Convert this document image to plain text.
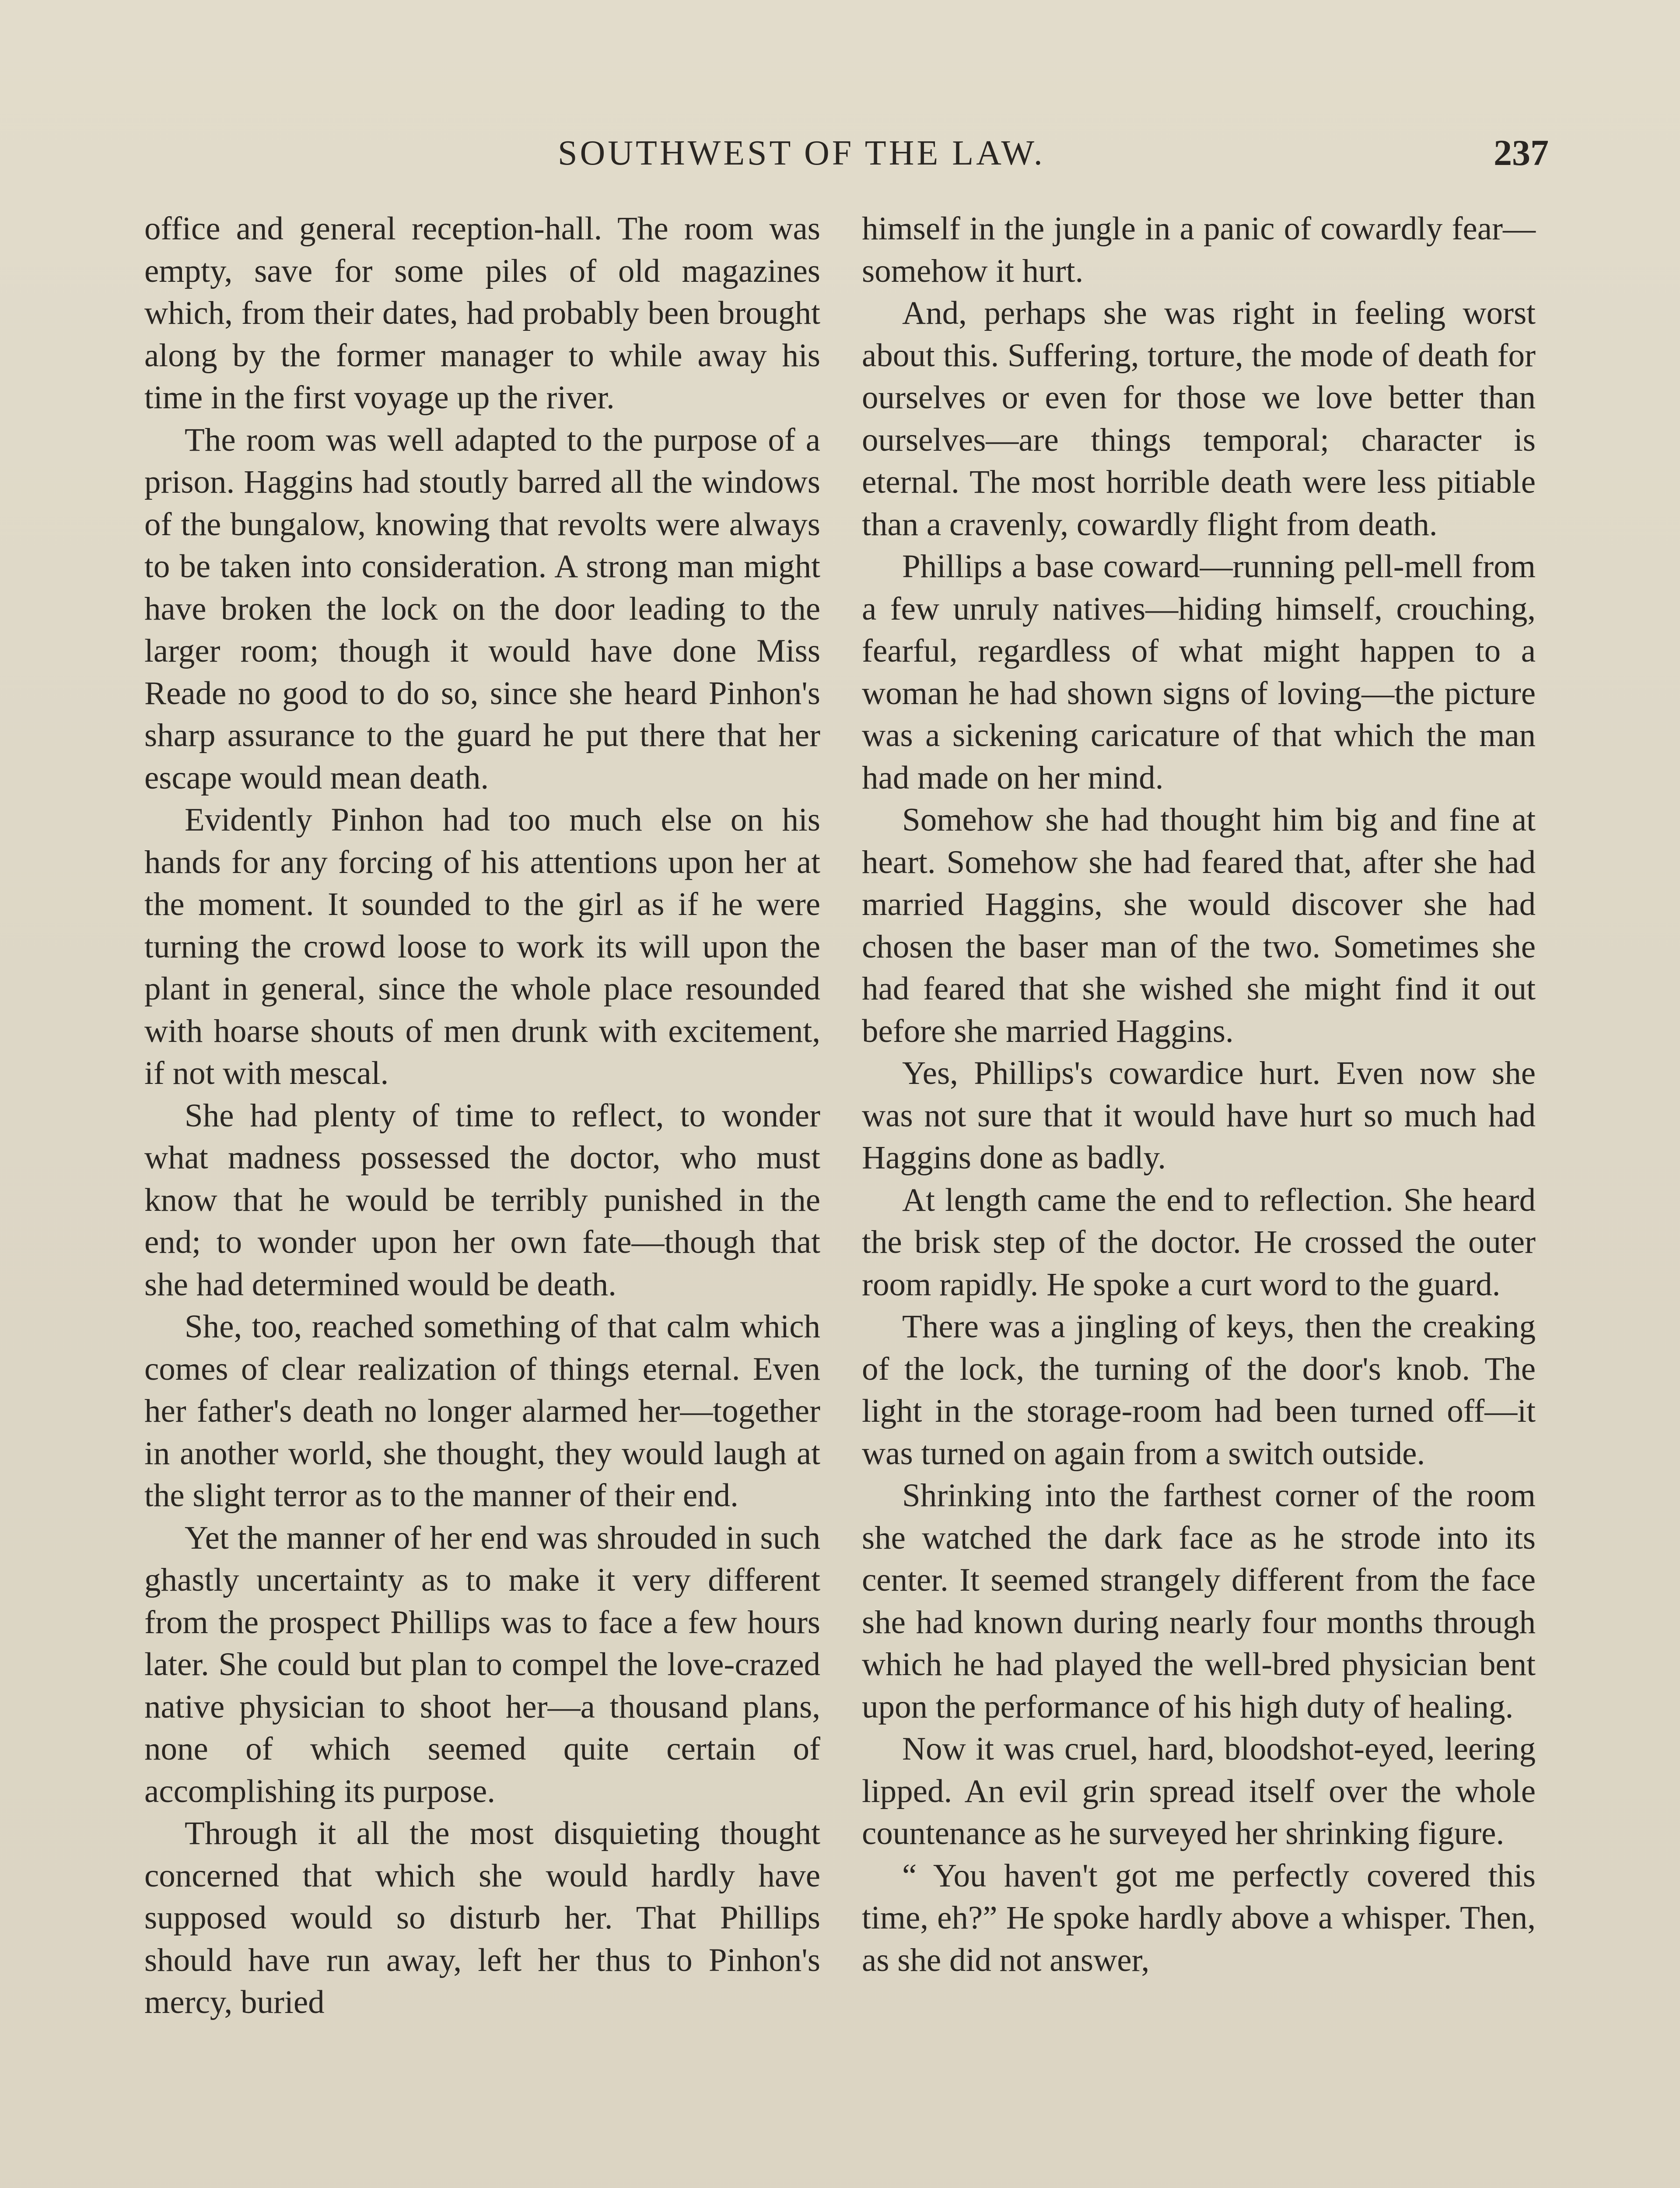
SOUTHWEST OF THE LAW.	237

office and general reception-hall. The room was empty, save for some piles of old magazines which, from their dates, had probably been brought along by the former manager to while away his time in the first voyage up the river.

The room was well adapted to the purpose of a prison. Haggins had stoutly barred all the windows of the bungalow, knowing that revolts were always to be taken into consideration. A strong man might have broken the lock on the door leading to the larger room; though it would have done Miss Reade no good to do so, since she heard Pinhon's sharp assurance to the guard he put there that her escape would mean death.

Evidently Pinhon had too much else on his hands for any forcing of his attentions upon her at the moment. It sounded to the girl as if he were turning the crowd loose to work its will upon the plant in general, since the whole place resounded with hoarse shouts of men drunk with excitement, if not with mescal.

She had plenty of time to reflect, to wonder what madness possessed the doctor, who must know that he would be terribly punished in the end; to wonder upon her own fate—though that she had determined would be death.

She, too, reached something of that calm which comes of clear realization of things eternal. Even her father's death no longer alarmed her—together in another world, she thought, they would laugh at the slight terror as to the manner of their end.

Yet the manner of her end was shrouded in such ghastly uncertainty as to make it very different from the prospect Phillips was to face a few hours later. She could but plan to compel the love-crazed native physician to shoot her—a thousand plans, none of which seemed quite certain of accomplishing its purpose.

Through it all the most disquieting thought concerned that which she would hardly have supposed would so disturb her. That Phillips should have run away, left her thus to Pinhon's mercy, buried

himself in the jungle in a panic of cowardly fear—somehow it hurt.

And, perhaps she was right in feeling worst about this. Suffering, torture, the mode of death for ourselves or even for those we love better than ourselves—are things temporal; character is eternal. The most horrible death were less pitiable than a cravenly, cowardly flight from death.

Phillips a base coward—running pell-mell from a few unruly natives—hiding himself, crouching, fearful, regardless of what might happen to a woman he had shown signs of loving—the picture was a sickening caricature of that which the man had made on her mind.

Somehow she had thought him big and fine at heart. Somehow she had feared that, after she had married Haggins, she would discover she had chosen the baser man of the two. Sometimes she had feared that she wished she might find it out before she married Haggins.

Yes, Phillips's cowardice hurt. Even now she was not sure that it would have hurt so much had Haggins done as badly.

At length came the end to reflection. She heard the brisk step of the doctor. He crossed the outer room rapidly. He spoke a curt word to the guard.

There was a jingling of keys, then the creaking of the lock, the turning of the door's knob. The light in the storage-room had been turned off—it was turned on again from a switch outside.

Shrinking into the farthest corner of the room she watched the dark face as he strode into its center. It seemed strangely different from the face she had known during nearly four months through which he had played the well-bred physician bent upon the performance of his high duty of healing.

Now it was cruel, hard, bloodshot-eyed, leering lipped. An evil grin spread itself over the whole countenance as he surveyed her shrinking figure.

“ You haven't got me perfectly covered this time, eh?” He spoke hardly above a whisper. Then, as she did not answer,
